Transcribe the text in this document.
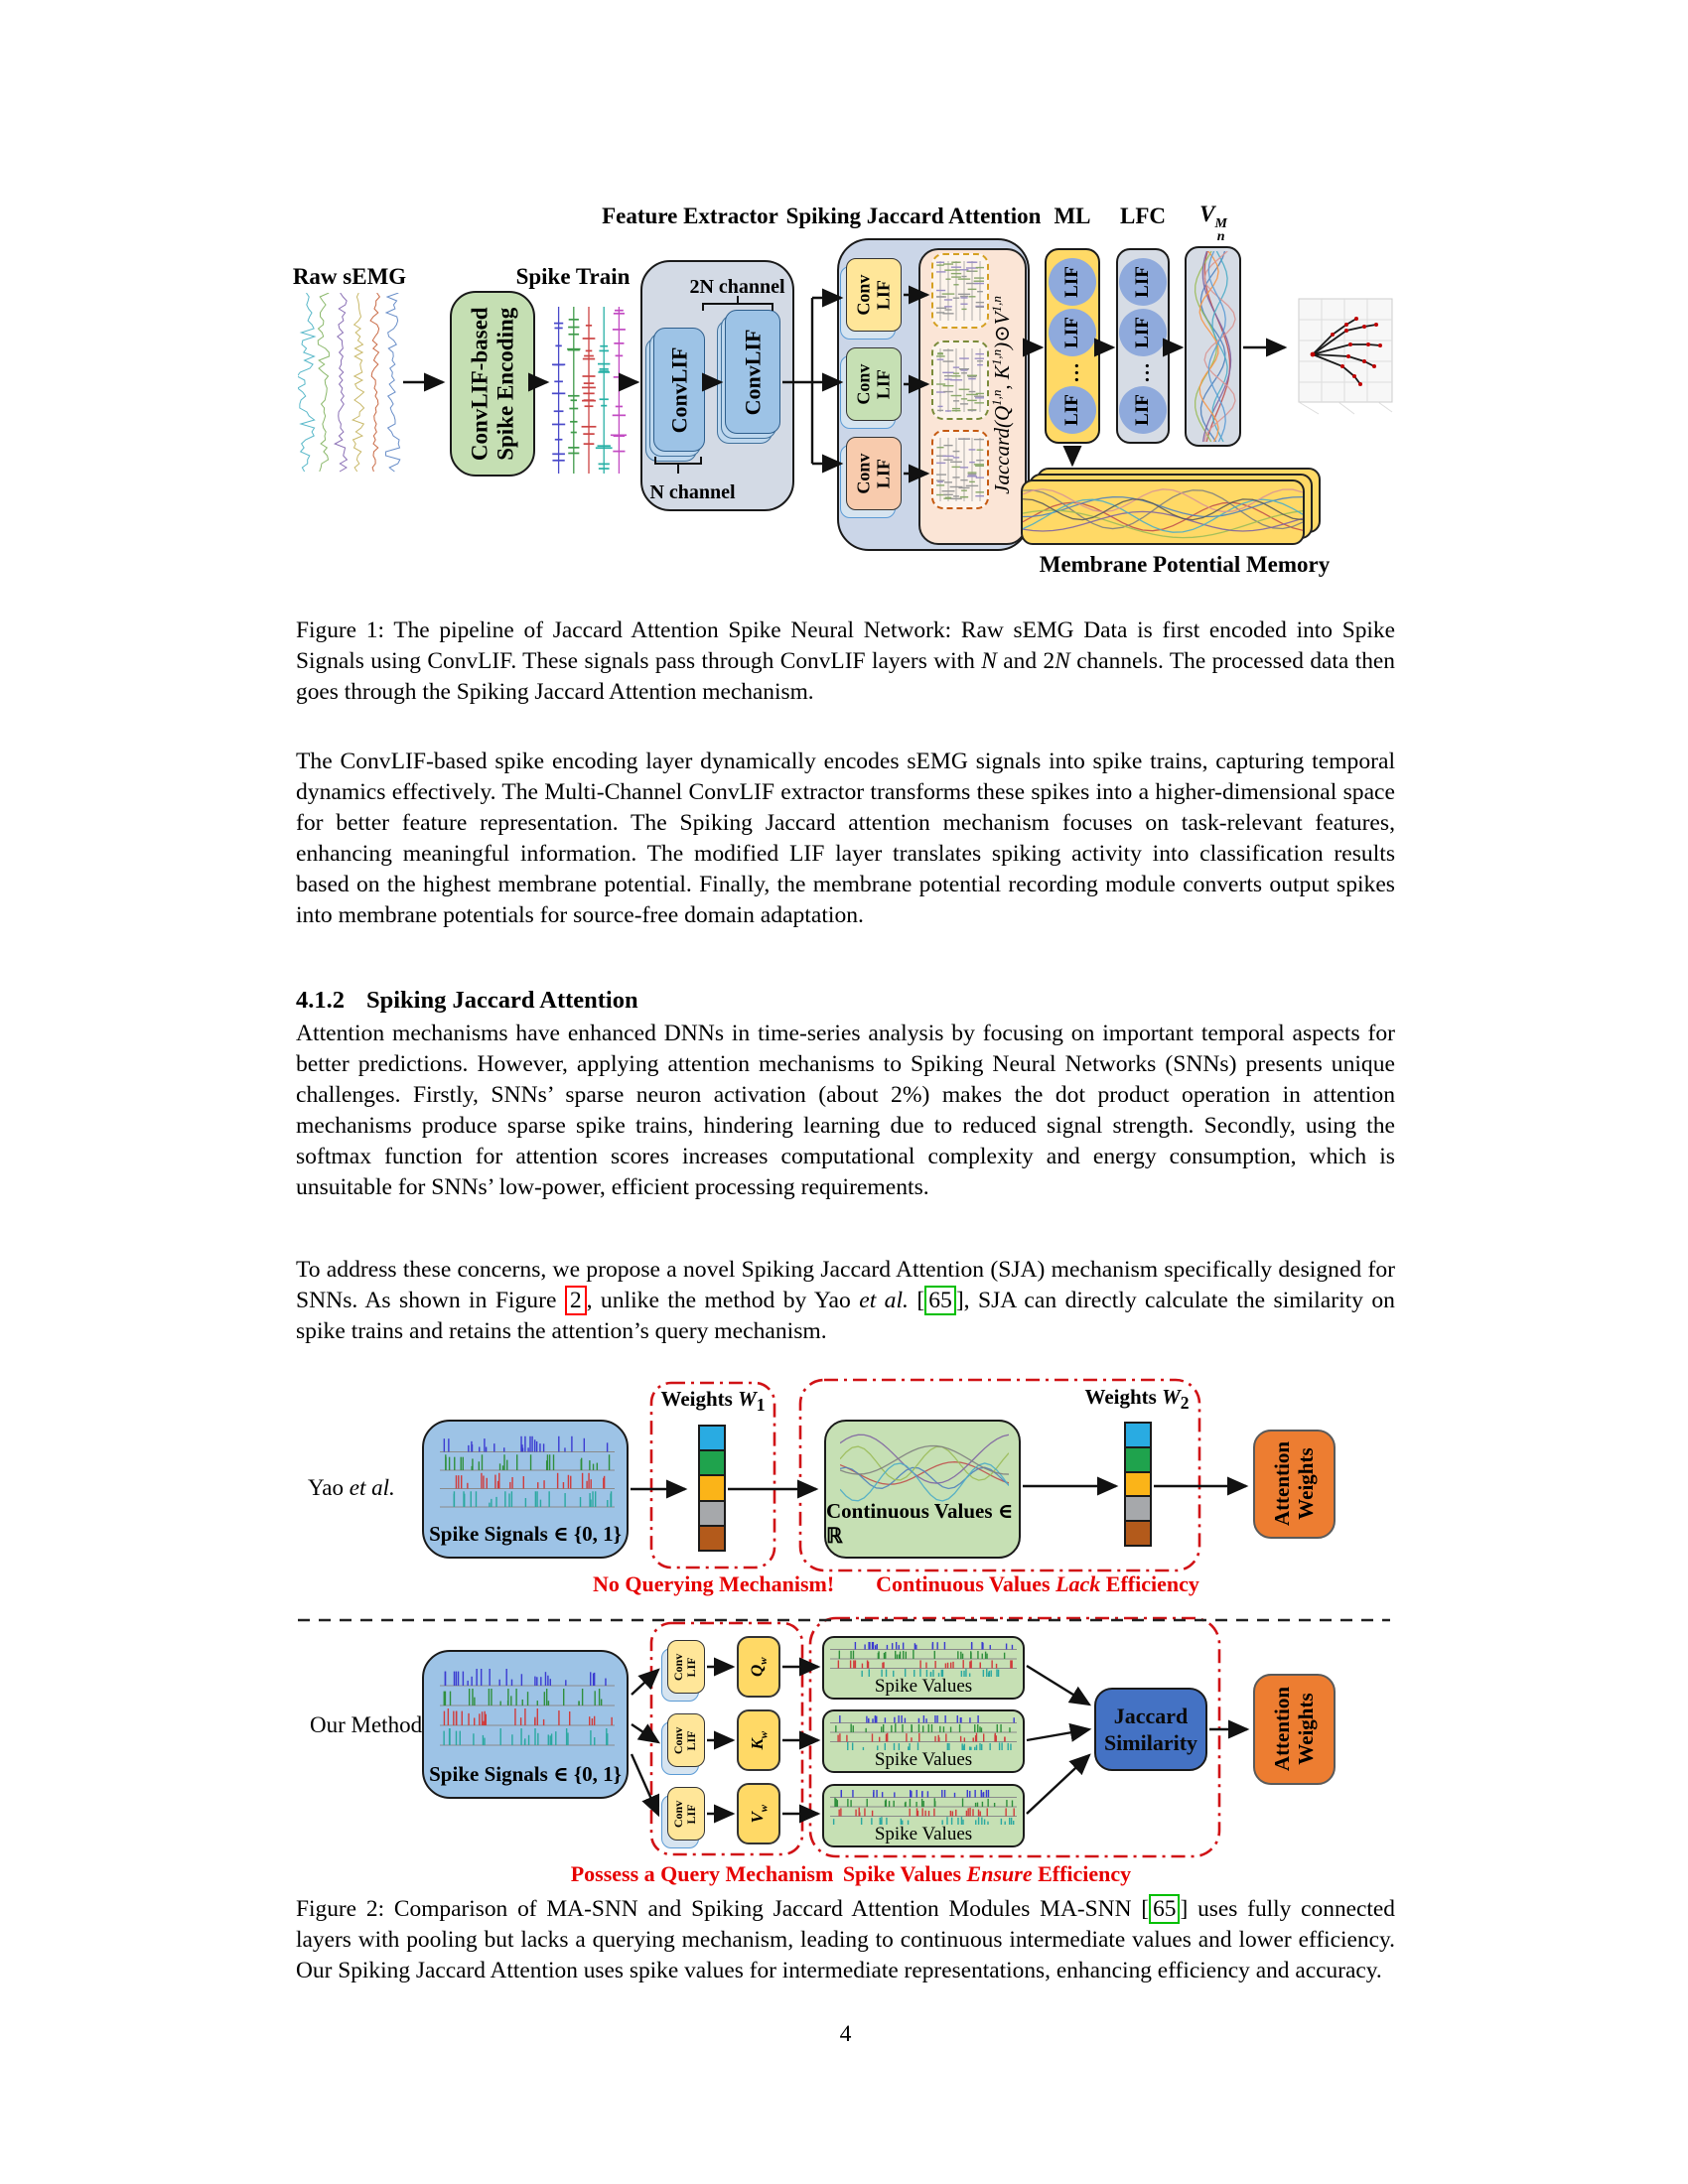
Feature Extractor Spiking Jaccard Attention ML	LFC	V M
n
Raw sEMG
ConvLIF-based Spike Encoding
Spike Train	2N channel
ConvLIF ConvLIF
N channel
Conv LIF
Conv LIF
Conv LIF	$Jaccard(Q^{1,n}$, $K^{1,n})⊙V^{1,n}$
LIF
LIF
...
LIF
LIF
LIF
...
LIF
Membrane Potential Memory

Figure 1: The pipeline of Jaccard Attention Spike Neural Network: Raw sEMG Data is first encoded into Spike Signals using ConvLIF. These signals pass through ConvLIF layers with N and 2N channels. The processed data then goes through the Spiking Jaccard Attention mechanism.

The ConvLIF-based spike encoding layer dynamically encodes sEMG signals into spike trains, capturing temporal dynamics effectively. The Multi-Channel ConvLIF extractor transforms these spikes into a higher-dimensional space for better feature representation. The Spiking Jaccard attention mechanism focuses on task-relevant features, enhancing meaningful information. The modified LIF layer translates spiking activity into classification results based on the highest membrane potential. Finally, the membrane potential recording module converts output spikes into membrane potentials for source-free domain adaptation.

4.1.2 Spiking Jaccard Attention

Attention mechanisms have enhanced DNNs in time-series analysis by focusing on important temporal aspects for better predictions. However, applying attention mechanisms to Spiking Neural Networks (SNNs) presents unique challenges. Firstly, SNNs’ sparse neuron activation (about 2%) makes the dot product operation in attention mechanisms produce sparse spike trains, hindering learning due to reduced signal strength. Secondly, using the softmax function for attention scores increases computational complexity and energy consumption, which is unsuitable for SNNs’ low-power, efficient processing requirements.

To address these concerns, we propose a novel Spiking Jaccard Attention (SJA) mechanism specifically designed for SNNs. As shown in Figure 2 , unlike the method by Yao et al. [ 65 ], SJA can directly calculate the similarity on spike trains and retains the attention’s query mechanism.

Yao et al.
Spike Signals ∈ {0, 1}
Weights $W_1$
Continuous Values ∈ ℝ
Weights $W_2$
Attention Weights
No Querying Mechanism!	Continuous Values Lack Efficiency
Our Method
Spike Signals ∈ {0, 1}
Conv LIF	$Q_w$
Conv LIF	$K_w$
Conv LIF	$V_w$
Spike Values
Spike Values
Spike Values
Jaccard
Similarity	Attention Weights
Possess a Query Mechanism Spike Values Ensure Efficiency

Figure 2: Comparison of MA-SNN and Spiking Jaccard Attention Modules MA-SNN [ 65 ] uses fully connected layers with pooling but lacks a querying mechanism, leading to continuous intermediate values and lower efficiency. Our Spiking Jaccard Attention uses spike values for intermediate representations, enhancing efficiency and accuracy.

4
